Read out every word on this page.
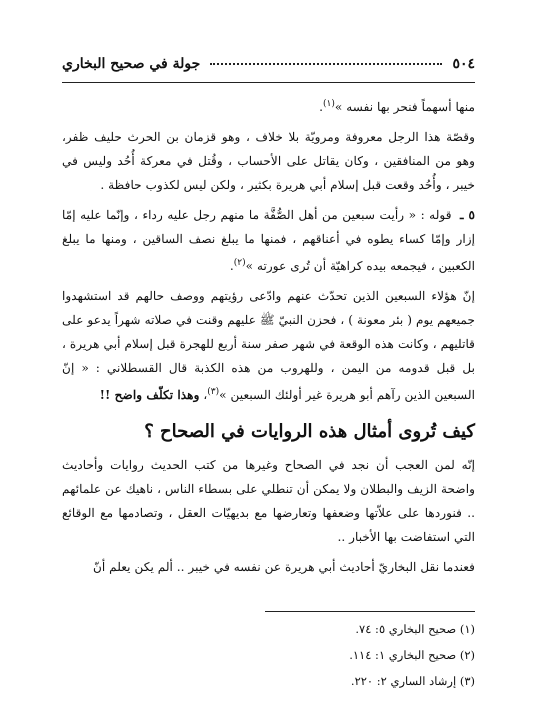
٥٠٤
جولة في صحيح البخاري

منها أسهماً فنحر بها نفسه »$^{(١)}$.

وقصّة هذا الرجل معروفة ومرويّة بلا خلاف ، وهو قزمان بن الحرث حليف ظفر، وهو من المنافقين ، وكان يقاتل على الأحساب ، وقُتل في معركة أُحُد وليس في خيبر ، وأُحُد وقعت قبل إسلام أبي هريرة بكثير ، ولكن ليس لكذوب حافظة .

٥ ـ قوله : « رأيت سبعين من أهل الصُّفَّة ما منهم رجل عليه رداء ، وإنّما عليه إمّا إزار وإمّا كساء يطوه في أعناقهم ، فمنها ما يبلغ نصف الساقين ، ومنها ما يبلغ الكعبين ، فيجمعه بيده كراهيّة أن تُرى عورته »$^{(٢)}$.

إنّ هؤلاء السبعين الذين تحدّث عنهم وادّعى رؤيتهم ووصف حالهم قد استشهدوا جميعهم يوم ( بئر معونة ) ، فحزن النبيّ ﷺ عليهم وقنت في صلاته شهراً يدعو على قاتليهم ، وكانت هذه الوقعة في شهر صفر سنة أربع للهجرة قبل إسلام أبي هريرة ، بل قبل قدومه من اليمن ، وللهروب من هذه الكذبة قال القسطلاني : « إنّ السبعين الذين رآهم أبو هريرة غير أولئك السبعين »$^{(٣)}$، وهذا تكلّف واضح !!

كيف تُروى أمثال هذه الروايات في الصحاح ؟

إنّه لمن العجب أن نجد في الصحاح وغيرها من كتب الحديث روايات وأحاديث واضحة الزيف والبطلان ولا يمكن أن تنطلي على بسطاء الناس ، ناهيك عن علمائهم .. فنوردها على علاّتها وضعفها وتعارضها مع بديهيّات العقل ، وتصادمها مع الوقائع التي استفاضت بها الأخبار ..

فعندما نقل البخاريّ أحاديث أبي هريرة عن نفسه في خيبر .. ألم يكن يعلم أنّ

(١) صحيح البخاري ٥: ٧٤.
(٢) صحيح البخاري ١: ١١٤.
(٣) إرشاد الساري ٢: ٢٢٠.
